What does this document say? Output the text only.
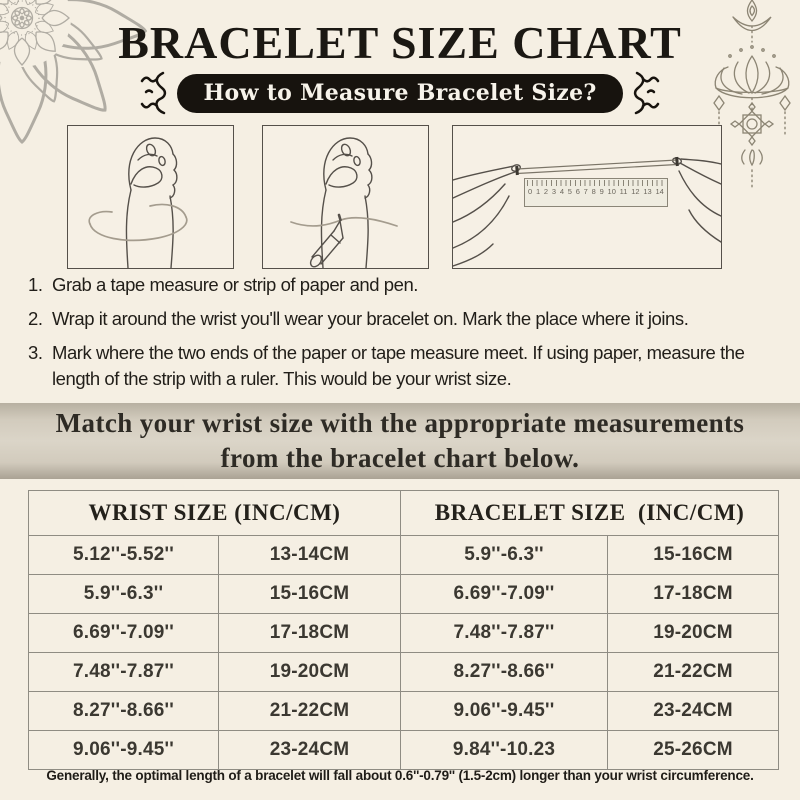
BRACELET SIZE CHART
How to Measure Bracelet Size?
0 1 2 3 4 5 6 7 8 9 10 11 12 13 14
1. Grab a tape measure or strip of paper and pen.
2. Wrap it around the wrist you'll wear your bracelet on. Mark the place where it joins.
3. Mark where the two ends of the paper or tape measure meet. If using paper, measure the length of the strip with a ruler. This would be your wrist size.
Match your wrist size with the appropriate measurements
from the bracelet chart below.
WRIST SIZE (INC/CM)		BRACELET SIZE  (INC/CM)	
5.12''-5.52''	13-14CM	5.9''-6.3''	15-16CM
5.9''-6.3''	15-16CM	6.69''-7.09''	17-18CM
6.69''-7.09''	17-18CM	7.48''-7.87''	19-20CM
7.48''-7.87''	19-20CM	8.27''-8.66''	21-22CM
8.27''-8.66''	21-22CM	9.06''-9.45''	23-24CM
9.06''-9.45''	23-24CM	9.84''-10.23	25-26CM
Generally, the optimal length of a bracelet will fall about 0.6''-0.79'' (1.5-2cm) longer than your wrist circumference.
